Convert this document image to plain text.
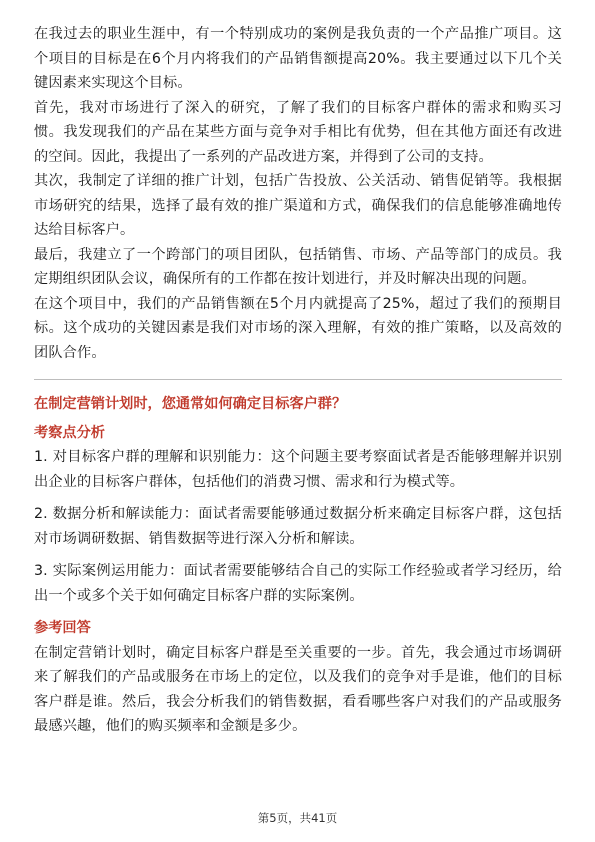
在我过去的职业生涯中，有一个特别成功的案例是我负责的一个产品推广项目。这个项目的目标是在6个月内将我们的产品销售额提高20%。我主要通过以下几个关键因素来实现这个目标。

首先，我对市场进行了深入的研究，了解了我们的目标客户群体的需求和购买习惯。我发现我们的产品在某些方面与竞争对手相比有优势，但在其他方面还有改进的空间。因此，我提出了一系列的产品改进方案，并得到了公司的支持。

其次，我制定了详细的推广计划，包括广告投放、公关活动、销售促销等。我根据市场研究的结果，选择了最有效的推广渠道和方式，确保我们的信息能够准确地传达给目标客户。

最后，我建立了一个跨部门的项目团队，包括销售、市场、产品等部门的成员。我定期组织团队会议，确保所有的工作都在按计划进行，并及时解决出现的问题。

在这个项目中，我们的产品销售额在5个月内就提高了25%，超过了我们的预期目标。这个成功的关键因素是我们对市场的深入理解，有效的推广策略，以及高效的团队合作。

在制定营销计划时，您通常如何确定目标客户群？

考察点分析

1. 对目标客户群的理解和识别能力：这个问题主要考察面试者是否能够理解并识别出企业的目标客户群体，包括他们的消费习惯、需求和行为模式等。

2. 数据分析和解读能力：面试者需要能够通过数据分析来确定目标客户群，这包括对市场调研数据、销售数据等进行深入分析和解读。

3. 实际案例运用能力：面试者需要能够结合自己的实际工作经验或者学习经历，给出一个或多个关于如何确定目标客户群的实际案例。

参考回答

在制定营销计划时，确定目标客户群是至关重要的一步。首先，我会通过市场调研来了解我们的产品或服务在市场上的定位，以及我们的竞争对手是谁，他们的目标客户群是谁。然后，我会分析我们的销售数据，看看哪些客户对我们的产品或服务最感兴趣，他们的购买频率和金额是多少。

第5页，共41页
